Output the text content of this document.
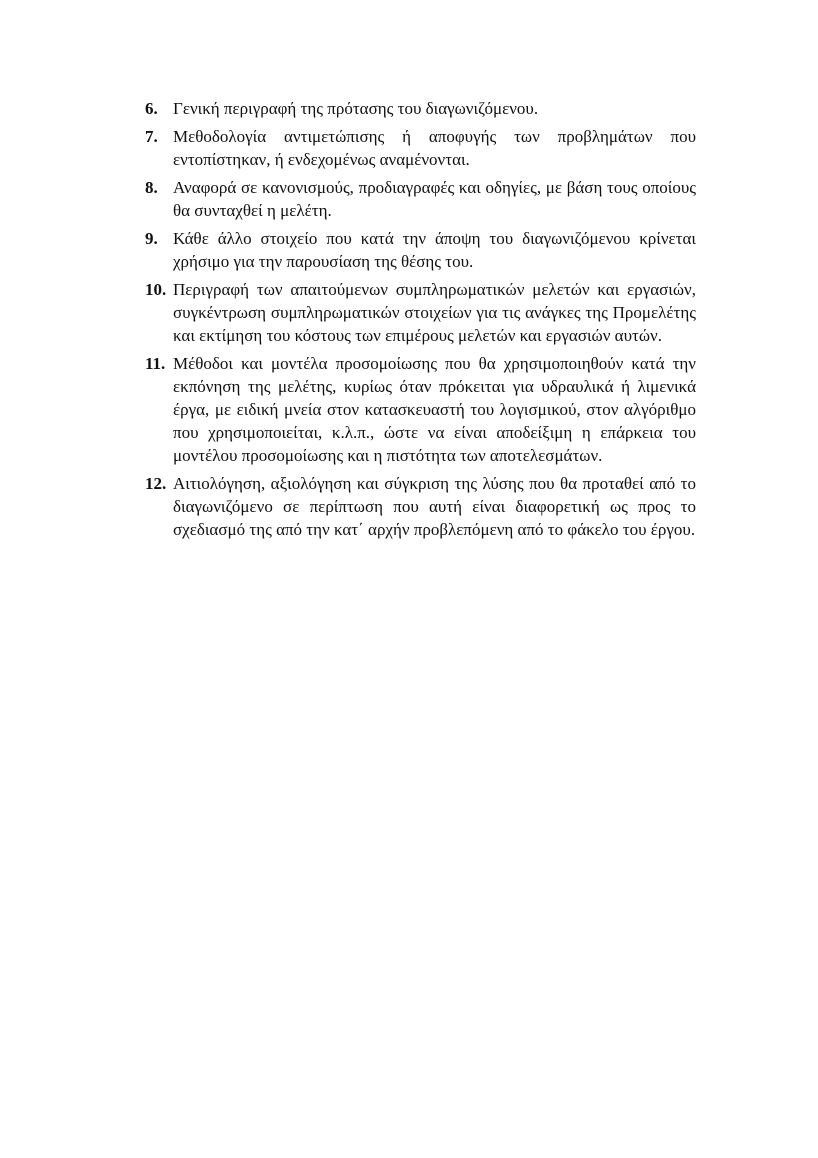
6. Γενική περιγραφή της πρότασης του διαγωνιζόμενου.
7. Μεθοδολογία αντιμετώπισης ή αποφυγής των προβλημάτων που εντοπίστηκαν, ή ενδεχομένως αναμένονται.
8. Αναφορά σε κανονισμούς, προδιαγραφές και οδηγίες, με βάση τους οποίους θα συνταχθεί η μελέτη.
9. Κάθε άλλο στοιχείο που κατά την άποψη του διαγωνιζόμενου κρίνεται χρήσιμο για την παρουσίαση της θέσης του.
10. Περιγραφή των απαιτούμενων συμπληρωματικών μελετών και εργασιών, συγκέντρωση συμπληρωματικών στοιχείων για τις ανάγκες της Προμελέτης και εκτίμηση του κόστους των επιμέρους μελετών και εργασιών αυτών.
11. Μέθοδοι και μοντέλα προσομοίωσης που θα χρησιμοποιηθούν κατά την εκπόνηση της μελέτης, κυρίως όταν πρόκειται για υδραυλικά ή λιμενικά έργα, με ειδική μνεία στον κατασκευαστή του λογισμικού, στον αλγόριθμο που χρησιμοποιείται, κ.λ.π., ώστε να είναι αποδείξιμη η επάρκεια του μοντέλου προσομοίωσης και η πιστότητα των αποτελεσμάτων.
12. Αιτιολόγηση, αξιολόγηση και σύγκριση της λύσης που θα προταθεί από το διαγωνιζόμενο σε περίπτωση που αυτή είναι διαφορετική ως προς το σχεδιασμό της από την κατ΄ αρχήν προβλεπόμενη από το φάκελο του έργου.
